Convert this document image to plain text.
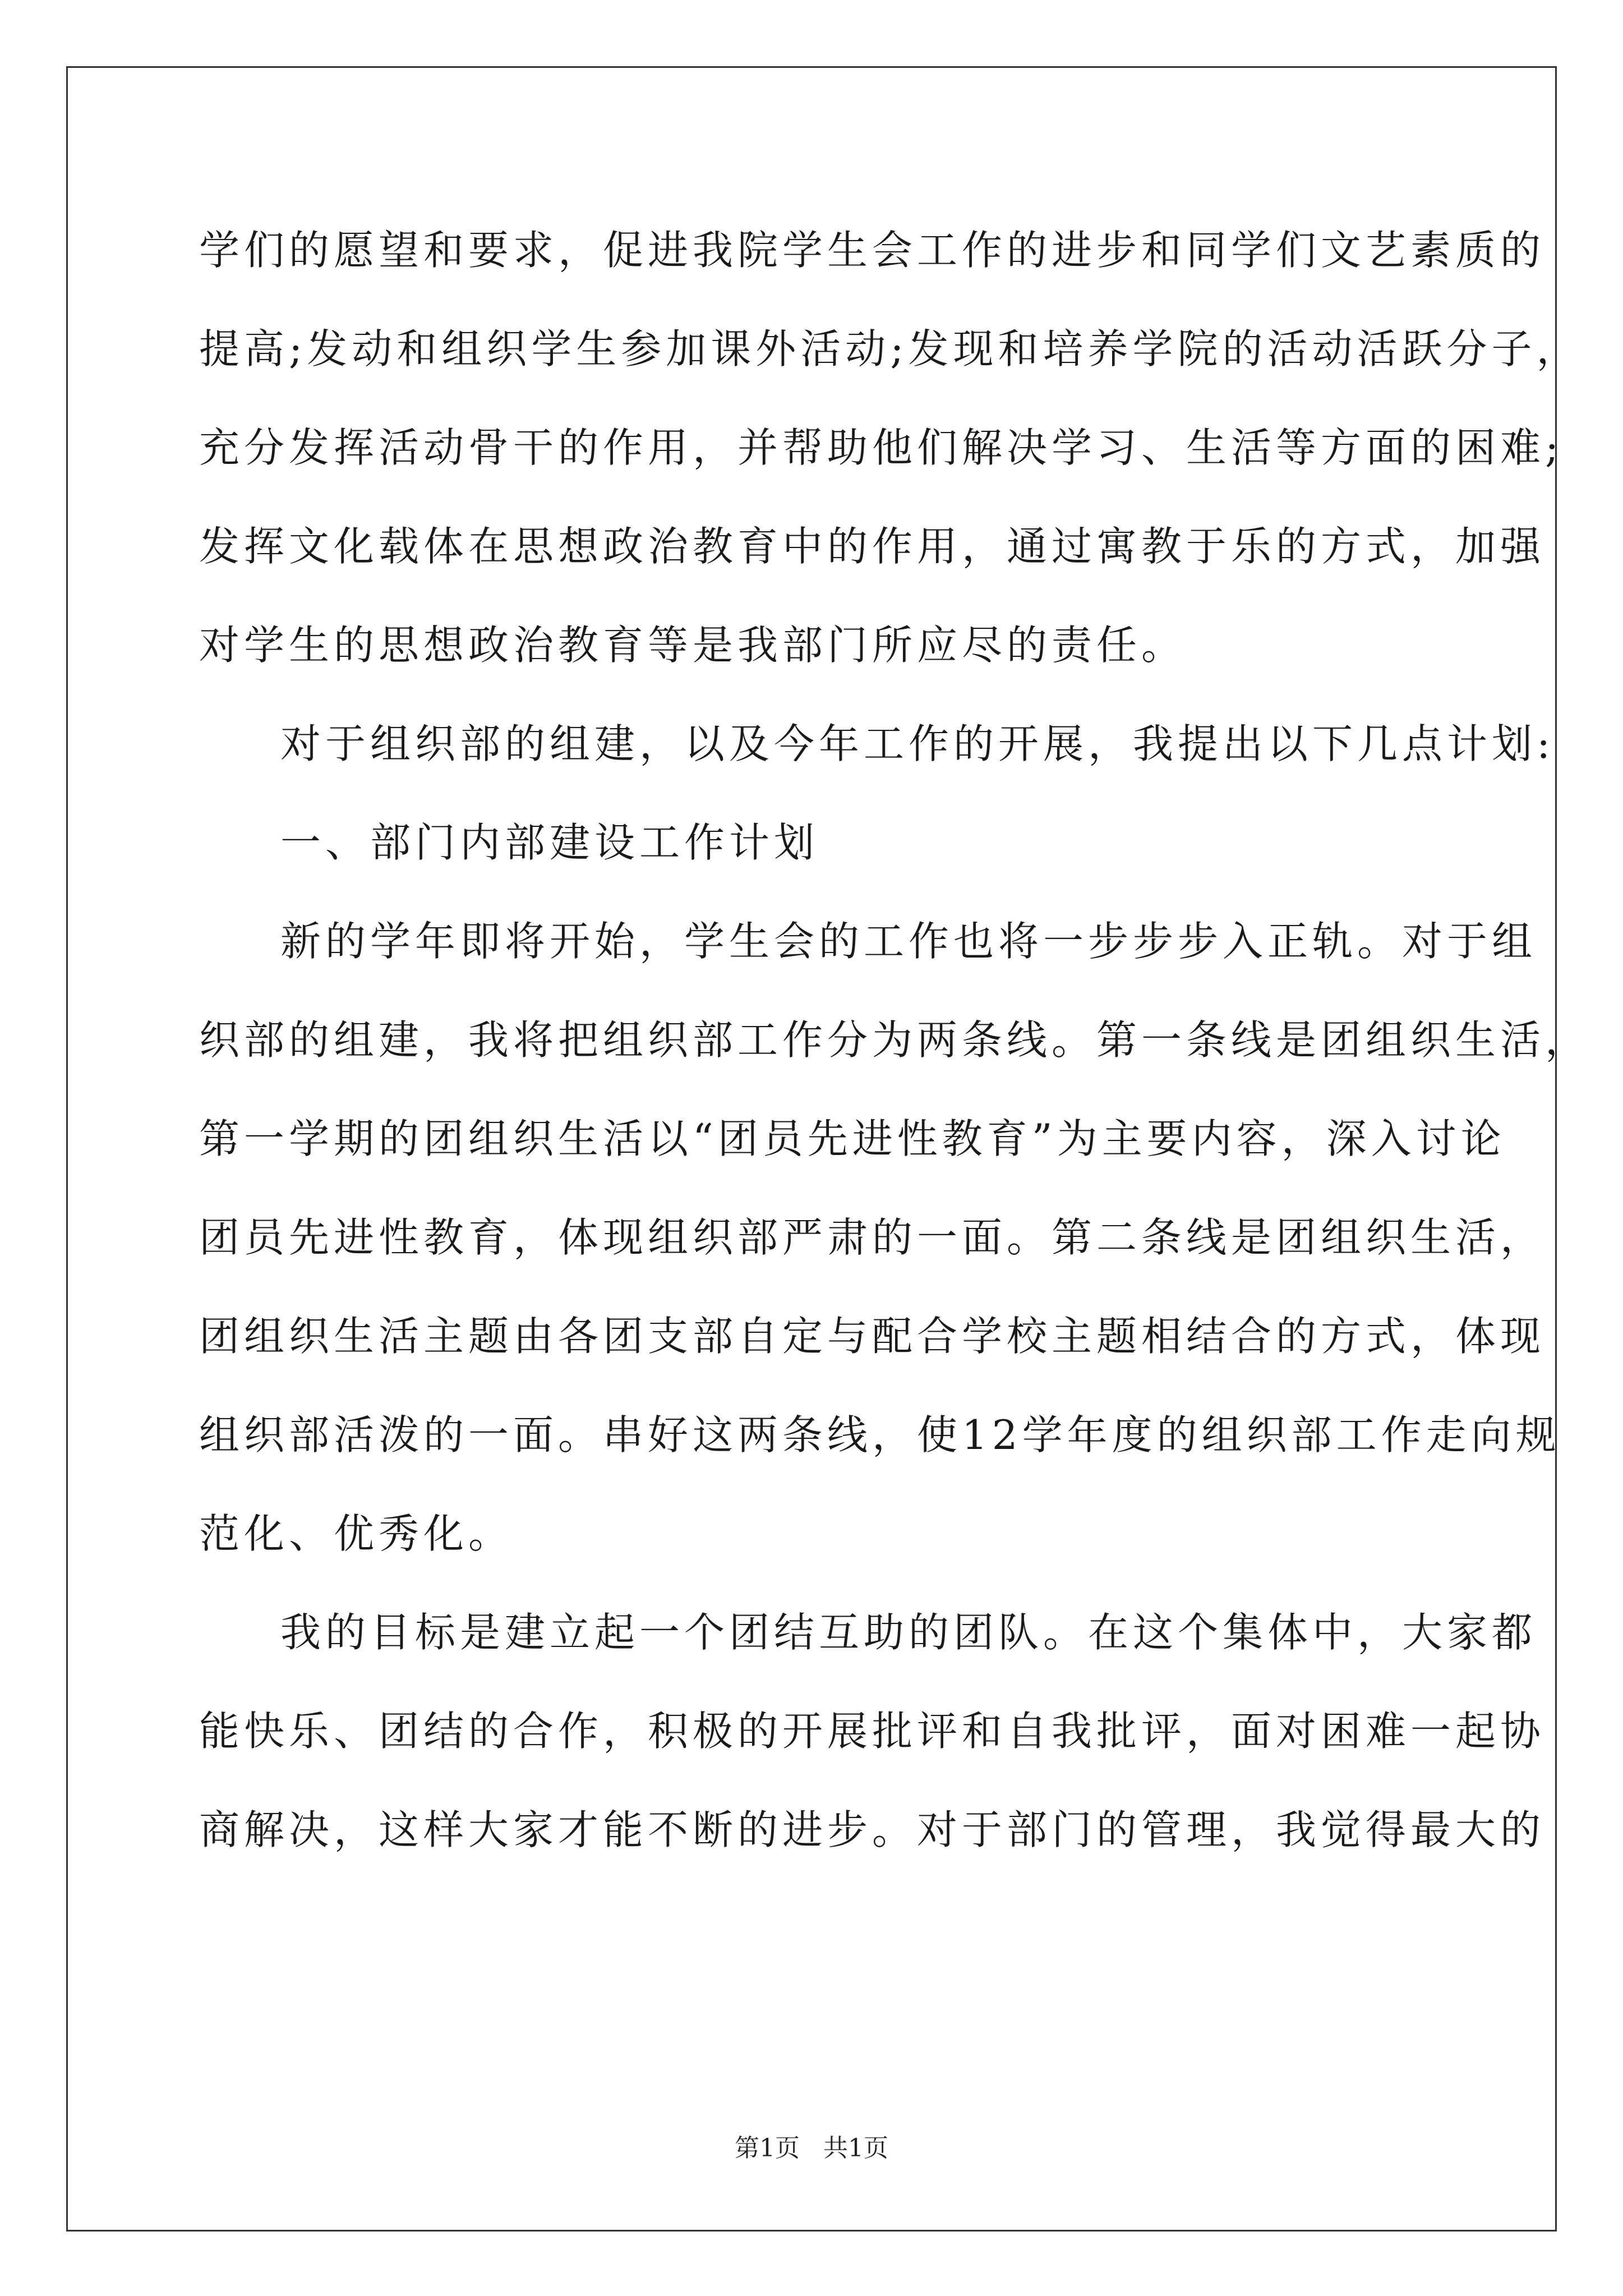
学们的愿望和要求，促进我院学生会工作的进步和同学们文艺素质的
提高;发动和组织学生参加课外活动;发现和培养学院的活动活跃分子，
充分发挥活动骨干的作用，并帮助他们解决学习、生活等方面的困难;
发挥文化载体在思想政治教育中的作用，通过寓教于乐的方式，加强
对学生的思想政治教育等是我部门所应尽的责任。
对于组织部的组建，以及今年工作的开展，我提出以下几点计划:
一、部门内部建设工作计划
新的学年即将开始，学生会的工作也将一步步步入正轨。对于组
织部的组建，我将把组织部工作分为两条线。第一条线是团组织生活，
第一学期的团组织生活以“团员先进性教育”为主要内容，深入讨论
团员先进性教育，体现组织部严肃的一面。第二条线是团组织生活，
团组织生活主题由各团支部自定与配合学校主题相结合的方式，体现
组织部活泼的一面。串好这两条线，使12学年度的组织部工作走向规
范化、优秀化。
我的目标是建立起一个团结互助的团队。在这个集体中，大家都
能快乐、团结的合作，积极的开展批评和自我批评，面对困难一起协
商解决，这样大家才能不断的进步。对于部门的管理，我觉得最大的
第1页   共1页
